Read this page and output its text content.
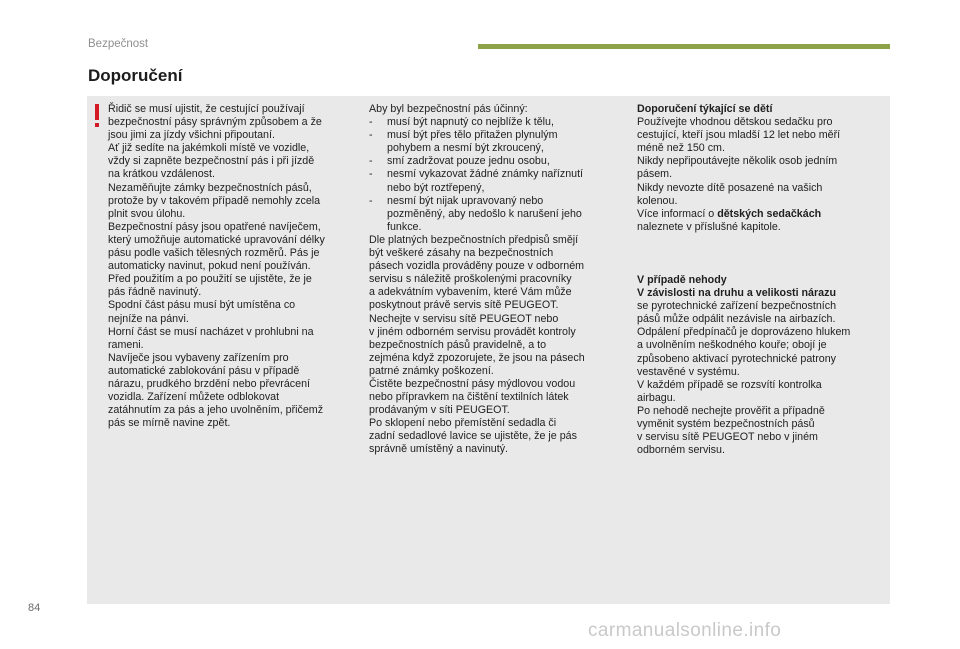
Bezpečnost
Doporučení

Řidič se musí ujistit, že cestující používají

bezpečnostní pásy správným způsobem a že

jsou jimi za jízdy všichni připoutaní.

Ať již sedíte na jakémkoli místě ve vozidle,

vždy si zapněte bezpečnostní pás i při jízdě

na krátkou vzdálenost.

Nezaměňujte zámky bezpečnostních pásů,

protože by v takovém případě nemohly zcela

plnit svou úlohu.

Bezpečnostní pásy jsou opatřené navíječem,

který umožňuje automatické upravování délky

pásu podle vašich tělesných rozměrů. Pás je

automaticky navinut, pokud není používán.

Před použitím a po použití se ujistěte, že je

pás řádně navinutý.

Spodní část pásu musí být umístěna co

nejníže na pánvi.

Horní část se musí nacházet v prohlubni na

rameni.

Navíječe jsou vybaveny zařízením pro

automatické zablokování pásu v případě

nárazu, prudkého brzdění nebo převrácení

vozidla. Zařízení můžete odblokovat

zatáhnutím za pás a jeho uvolněním, přičemž

pás se mírně navine zpět.

Aby byl bezpečnostní pás účinný:

- musí být napnutý co nejblíže k tělu,

- musí být přes tělo přitažen plynulým

pohybem a nesmí být zkroucený,

- smí zadržovat pouze jednu osobu,

- nesmí vykazovat žádné známky naříznutí

nebo být roztřepený,

- nesmí být nijak upravovaný nebo

pozměněný, aby nedošlo k narušení jeho

funkce.

Dle platných bezpečnostních předpisů smějí

být veškeré zásahy na bezpečnostních

pásech vozidla prováděny pouze v odborném

servisu s náležitě proškolenými pracovníky

a adekvátním vybavením, které Vám může

poskytnout právě servis sítě PEUGEOT.

Nechejte v servisu sítě PEUGEOT nebo

v jiném odborném servisu provádět kontroly

bezpečnostních pásů pravidelně, a to

zejména když zpozorujete, že jsou na pásech

patrné známky poškození.

Čistěte bezpečnostní pásy mýdlovou vodou

nebo přípravkem na čištění textilních látek

prodávaným v síti PEUGEOT.

Po sklopení nebo přemístění sedadla či

zadní sedadlové lavice se ujistěte, že je pás

správně umístěný a navinutý.

Doporučení týkající se dětí

Používejte vhodnou dětskou sedačku pro

cestující, kteří jsou mladší 12 let nebo měří

méně než 150 cm.

Nikdy nepřipoutávejte několik osob jedním

pásem.

Nikdy nevozte dítě posazené na vašich

kolenou.

Více informací o dětských sedačkách

naleznete v příslušné kapitole.

V případě nehody

V závislosti na druhu a velikosti nárazu

se pyrotechnické zařízení bezpečnostních

pásů může odpálit nezávisle na airbazích.

Odpálení předpínačů je doprovázeno hlukem

a uvolněním neškodného kouře; obojí je

způsobeno aktivací pyrotechnické patrony

vestavěné v systému.

V každém případě se rozsvítí kontrolka

airbagu.

Po nehodě nechejte prověřit a případně

vyměnit systém bezpečnostních pásů

v servisu sítě PEUGEOT nebo v jiném

odborném servisu.

84
carmanualsonline.info
